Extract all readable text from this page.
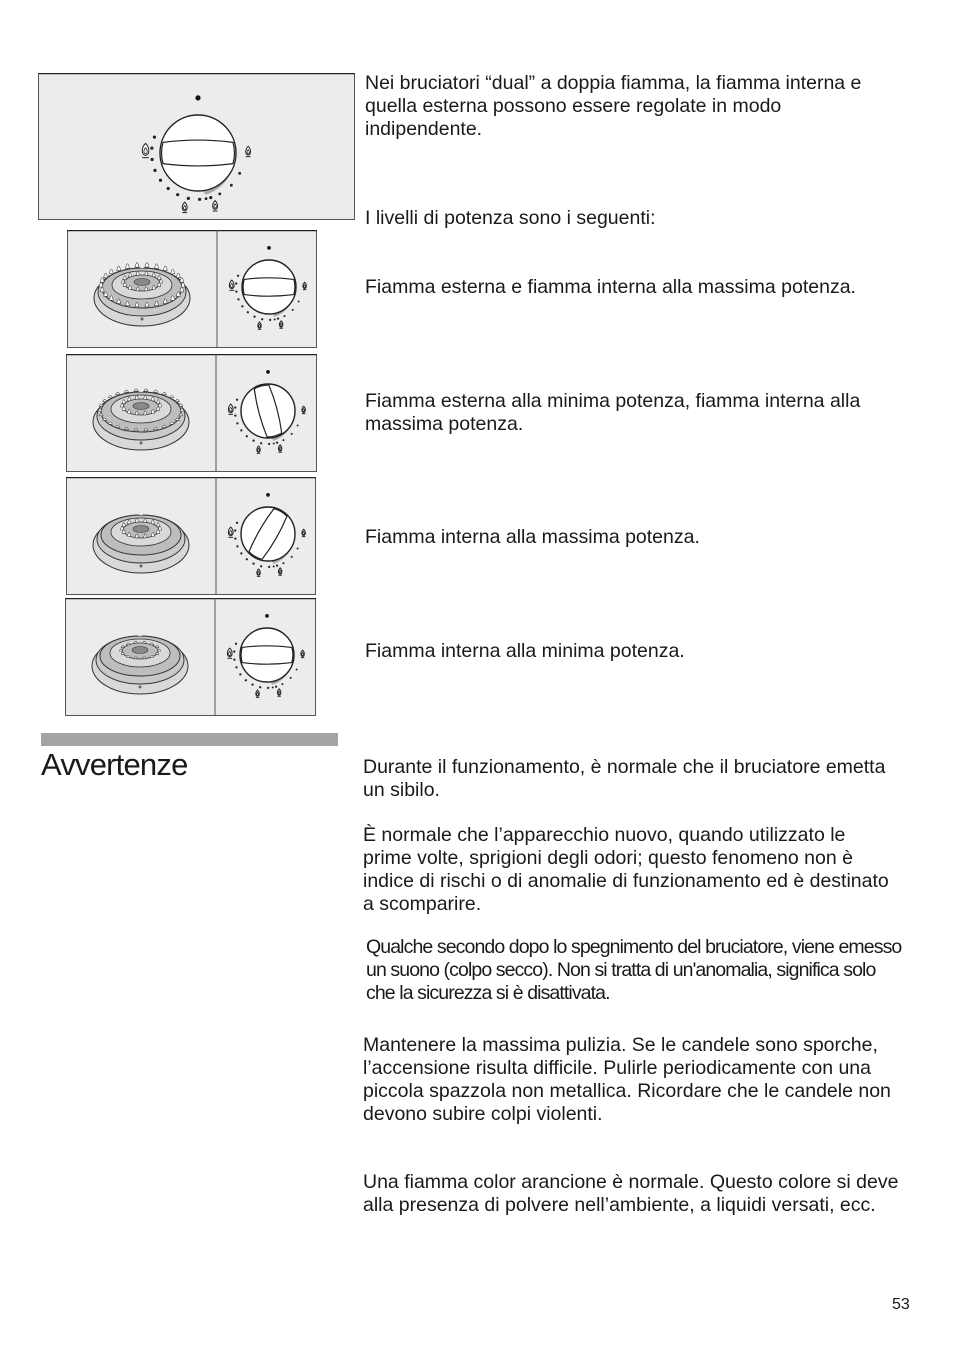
Nei bruciatori “dual” a doppia fiamma, la fiamma interna e quella esterna possono essere regolate in modo indipendente.

I livelli di potenza sono i seguenti:

Fiamma esterna e fiamma interna alla massima potenza.

Fiamma esterna alla minima potenza, fiamma interna alla massima potenza.

Fiamma interna alla massima potenza.

Fiamma interna alla minima potenza.

Avvertenze	Durante il funzionamento, è normale che il bruciatore emetta un sibilo.

È normale che l’apparecchio nuovo, quando utilizzato le prime volte, sprigioni degli odori; questo fenomeno non è indice di rischi o di anomalie di funzionamento ed è destinato a scomparire.

Qualche secondo dopo lo spegnimento del bruciatore, viene emesso un suono (colpo secco). Non si tratta di un'anomalia, significa solo che la sicurezza si è disattivata.

Mantenere la massima pulizia. Se le candele sono sporche, l’accensione risulta difficile. Pulirle periodicamente con una piccola spazzola non metallica. Ricordare che le candele non devono subire colpi violenti.

Una fiamma color arancione è normale. Questo colore si deve alla presenza di polvere nell’ambiente, a liquidi versati, ecc.

53
